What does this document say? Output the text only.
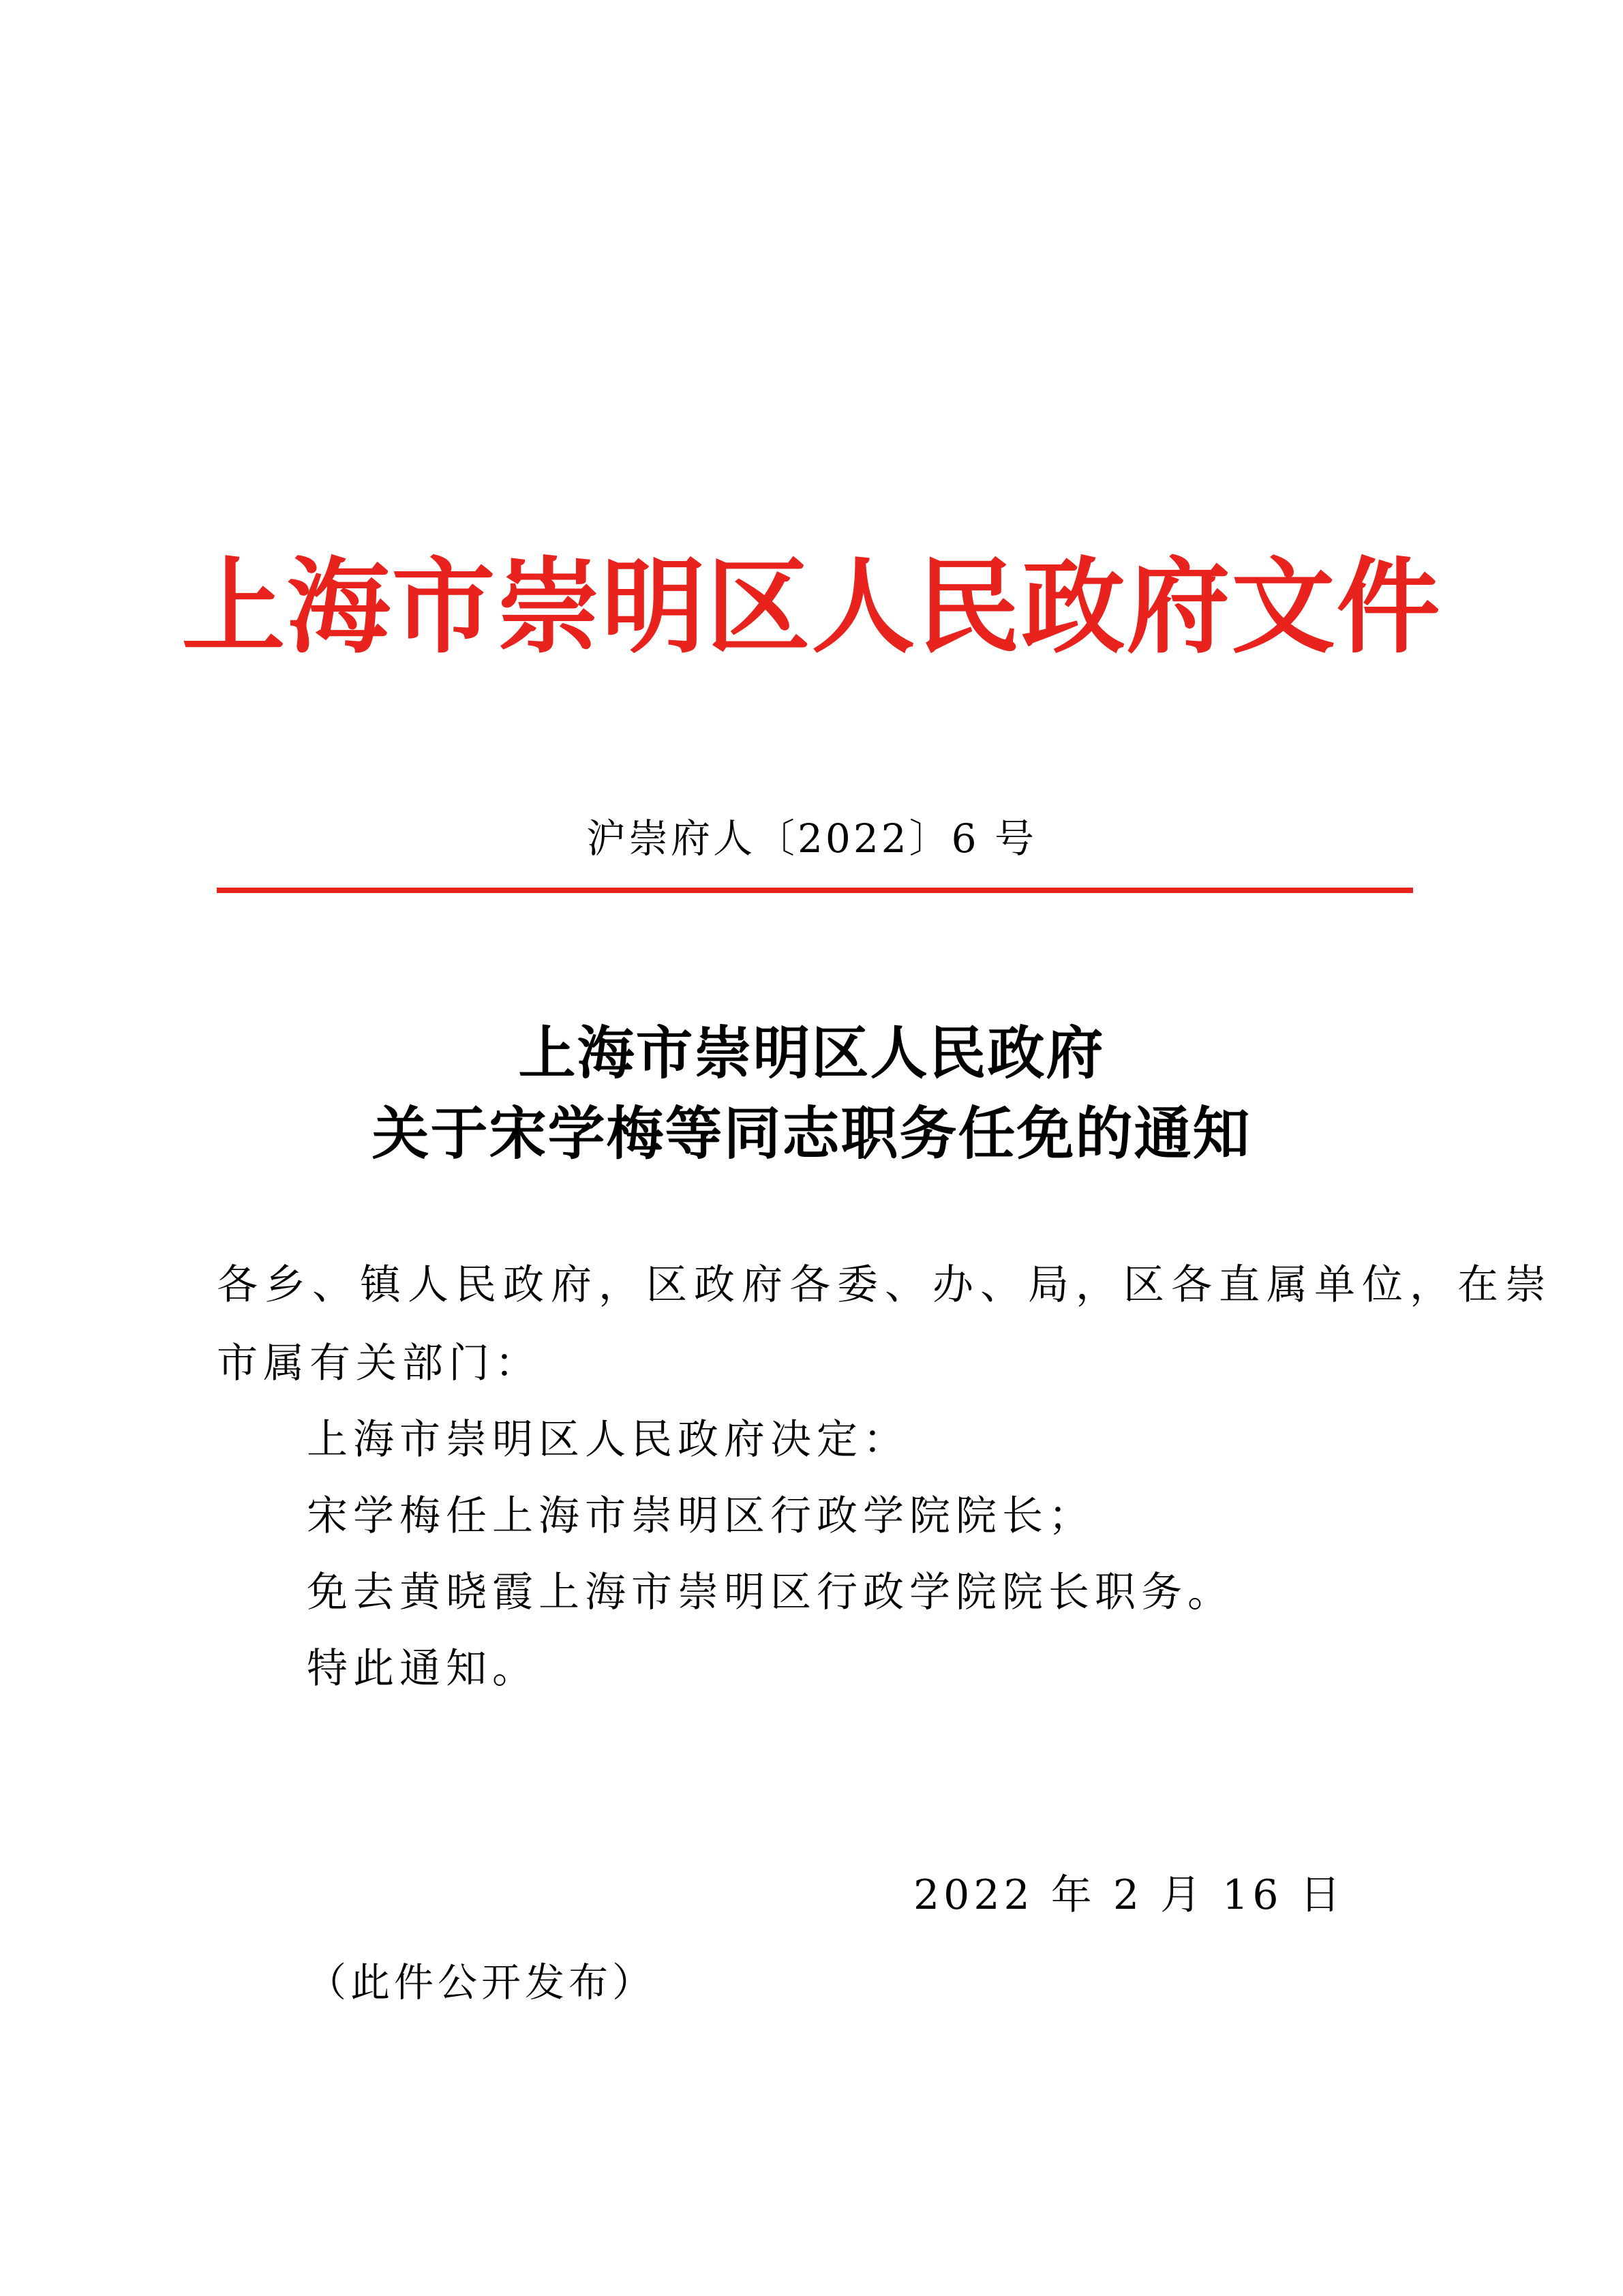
上海市崇明区人民政府文件
沪崇府人〔2022〕6 号
上海市崇明区人民政府
关于宋学梅等同志职务任免的通知
各乡、镇人民政府，区政府各委、办、局，区各直属单位，在崇
市属有关部门：
上海市崇明区人民政府决定：
宋学梅任上海市崇明区行政学院院长；
免去黄晓霞上海市崇明区行政学院院长职务。
特此通知。
2022 年 2 月 16 日
（此件公开发布）
